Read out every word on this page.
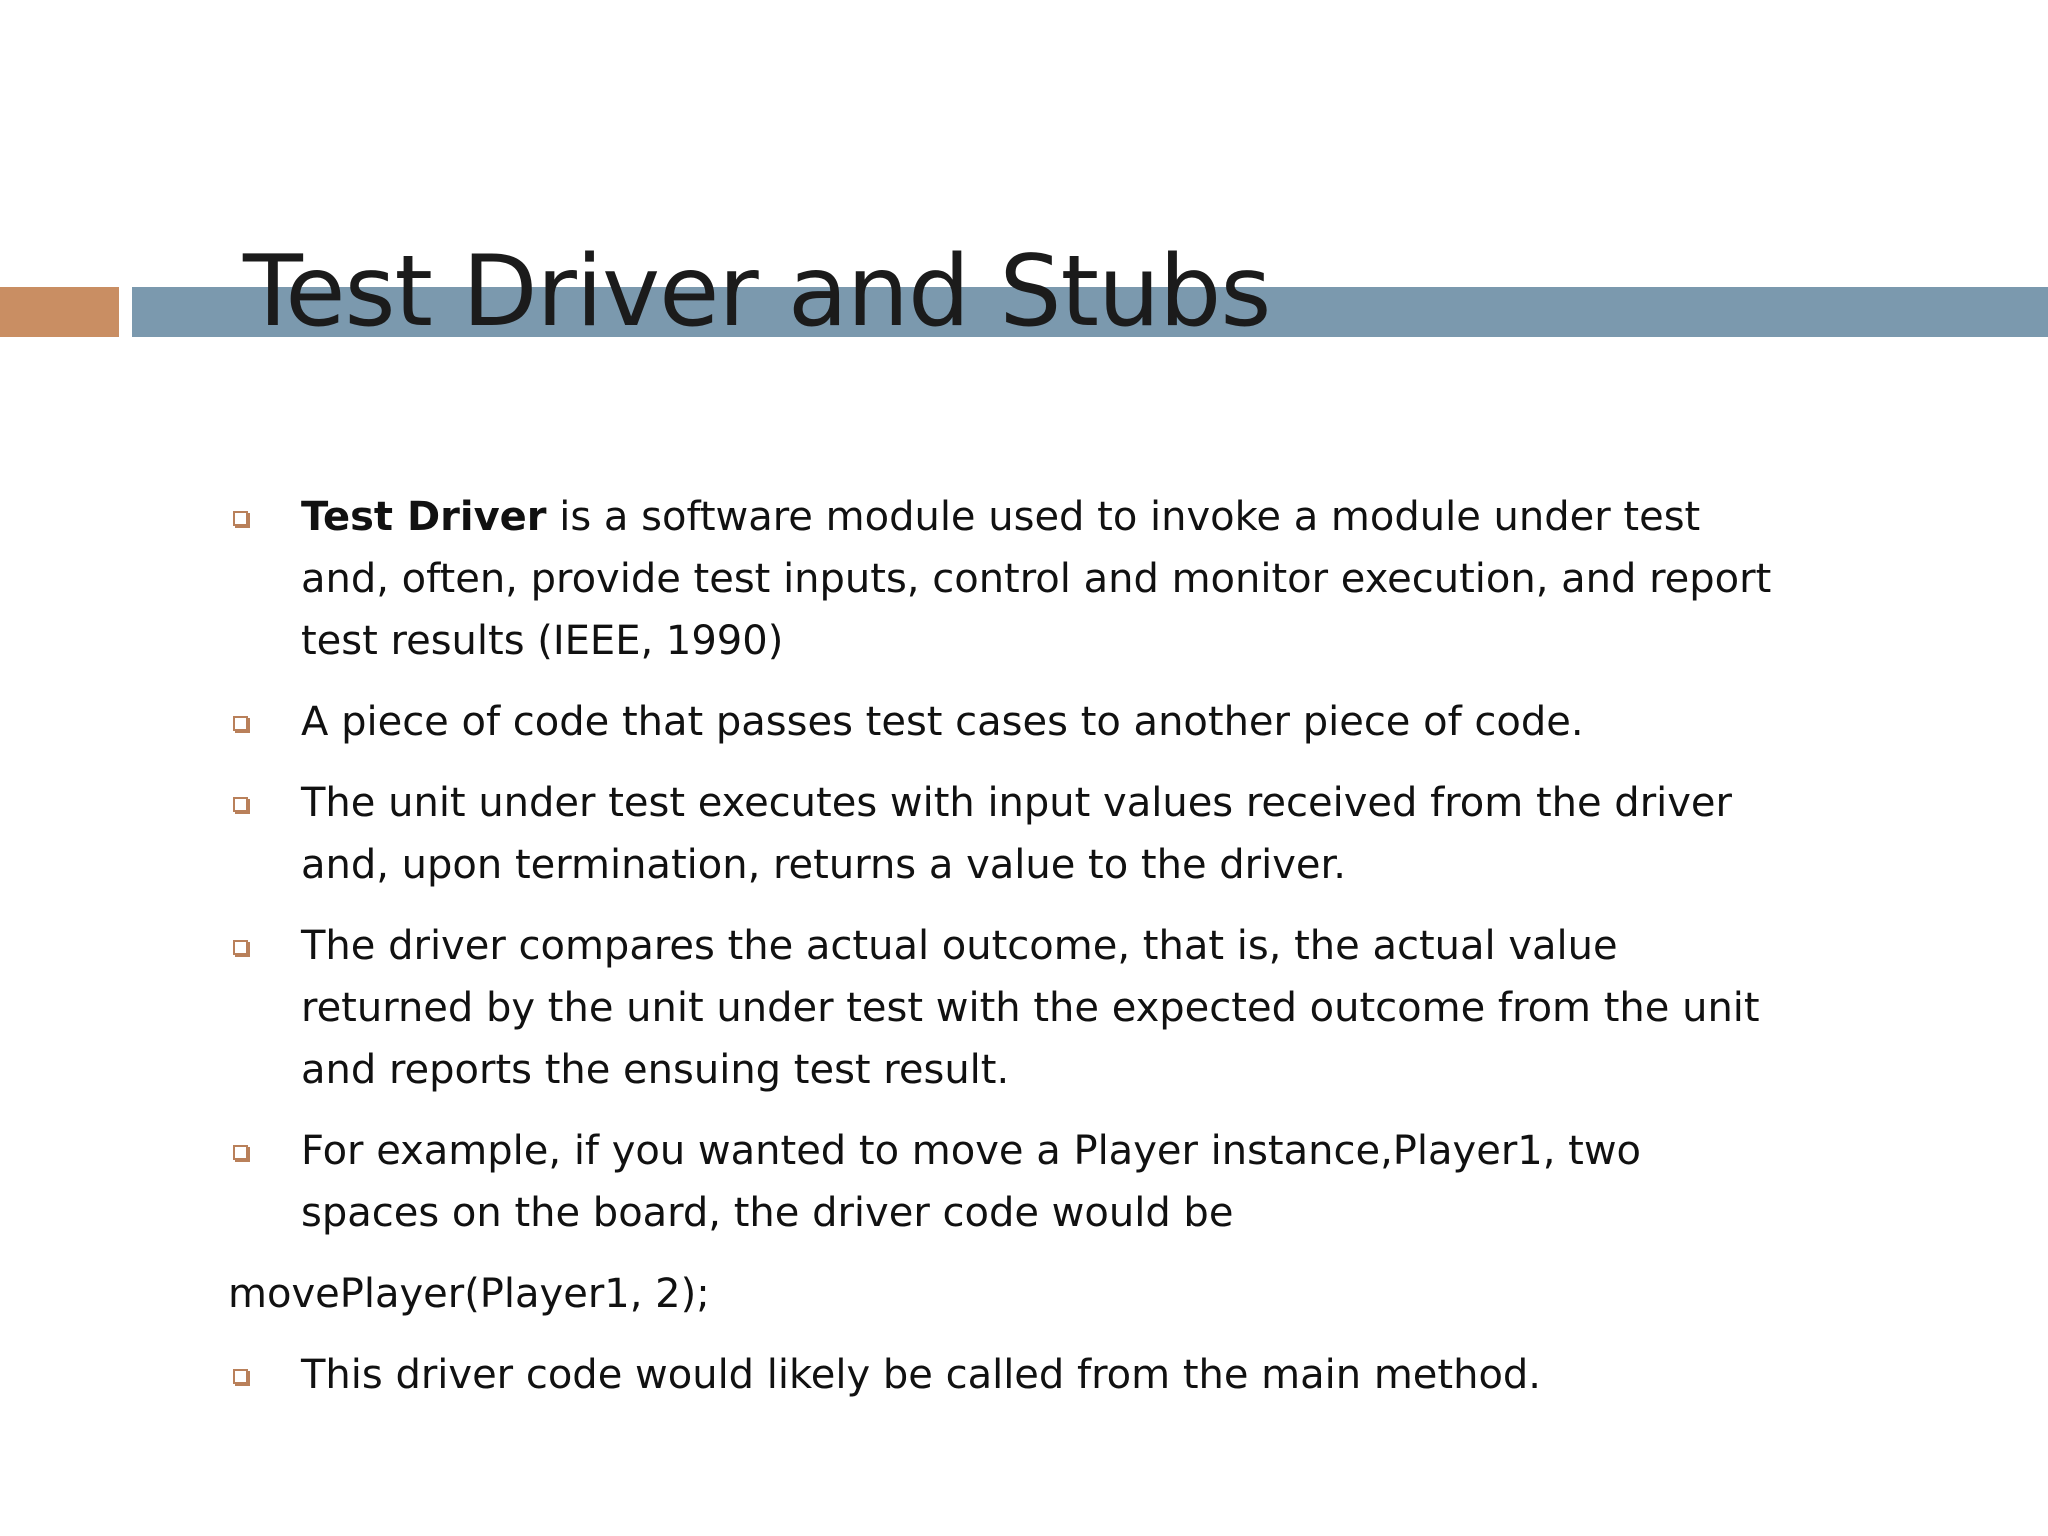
Test Driver and Stubs
Test Driver is a software module used to invoke a module under test and, often, provide test inputs, control and monitor execution, and report test results (IEEE, 1990)
A piece of code that passes test cases to another piece of code.
The unit under test executes with input values received from the driver and, upon termination, returns a value to the driver.
The driver compares the actual outcome, that is, the actual value returned by the unit under test with the expected outcome from the unit and reports the ensuing test result.
For example, if you wanted to move a Player instance,Player1, two spaces on the board, the driver code would be
movePlayer(Player1, 2);
This driver code would likely be called from the main method.
